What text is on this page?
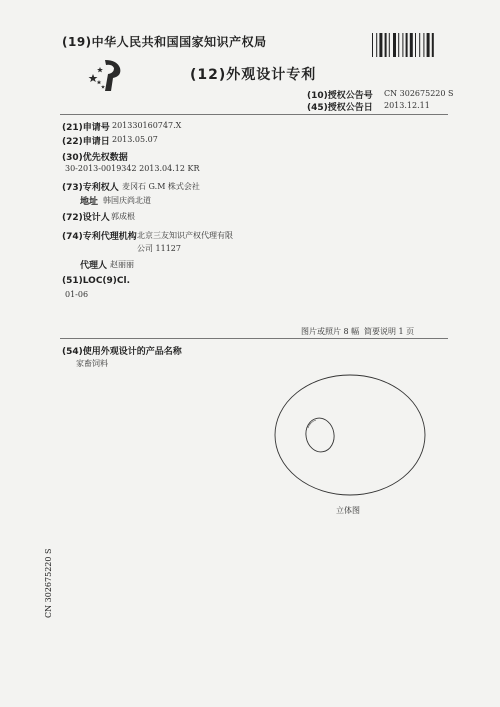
(19)中华人民共和国国家知识产权局
(12)外观设计专利
(10)授权公告号 CN 302675220 S
(45)授权公告日 2013.12.11
(21)申请号 201330160747.X
(22)申请日 2013.05.07
(30)优先权数据
30-2013-0019342 2013.04.12 KR
(73)专利权人 麦冈石 G.M 株式会社
地址 韩国庆尚北道
(72)设计人 郭成根
(74)专利代理机构 北京三友知识产权代理有限
公司 11127
代理人 赵丽丽
(51)LOC(9)Cl.
01-06
图片或照片 8 幅 简要说明 1 页
(54)使用外观设计的产品名称
家畜饲料
立体图
CN 302675220 S
